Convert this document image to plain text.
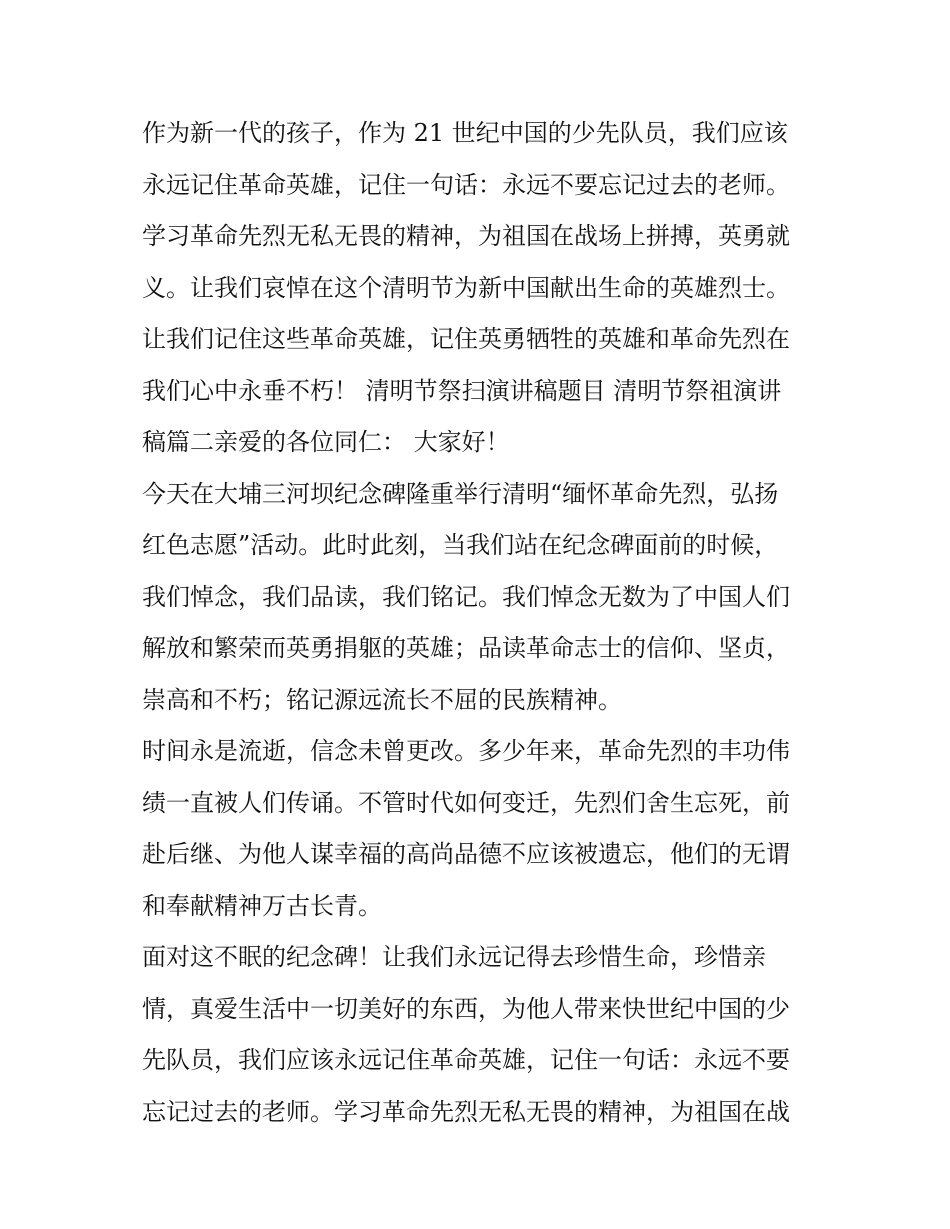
作为新一代的孩子，作为 21 世纪中国的少先队员，我们应该
永远记住革命英雄，记住一句话：永远不要忘记过去的老师。
学习革命先烈无私无畏的精神，为祖国在战场上拼搏，英勇就
义。让我们哀悼在这个清明节为新中国献出生命的英雄烈士。
让我们记住这些革命英雄，记住英勇牺牲的英雄和革命先烈在
我们心中永垂不朽！ 清明节祭扫演讲稿题目 清明节祭祖演讲
稿篇二亲爱的各位同仁： 大家好！
今天在大埔三河坝纪念碑隆重举行清明“缅怀革命先烈，弘扬
红色志愿”活动。此时此刻，当我们站在纪念碑面前的时候，
我们悼念，我们品读，我们铭记。我们悼念无数为了中国人们
解放和繁荣而英勇捐躯的英雄；品读革命志士的信仰、坚贞，
崇高和不朽；铭记源远流长不屈的民族精神。
时间永是流逝，信念未曾更改。多少年来，革命先烈的丰功伟
绩一直被人们传诵。不管时代如何变迁，先烈们舍生忘死，前
赴后继、为他人谋幸福的高尚品德不应该被遗忘，他们的无谓
和奉献精神万古长青。
面对这不眠的纪念碑！让我们永远记得去珍惜生命，珍惜亲
情，真爱生活中一切美好的东西，为他人带来快世纪中国的少
先队员，我们应该永远记住革命英雄，记住一句话：永远不要
忘记过去的老师。学习革命先烈无私无畏的精神，为祖国在战
